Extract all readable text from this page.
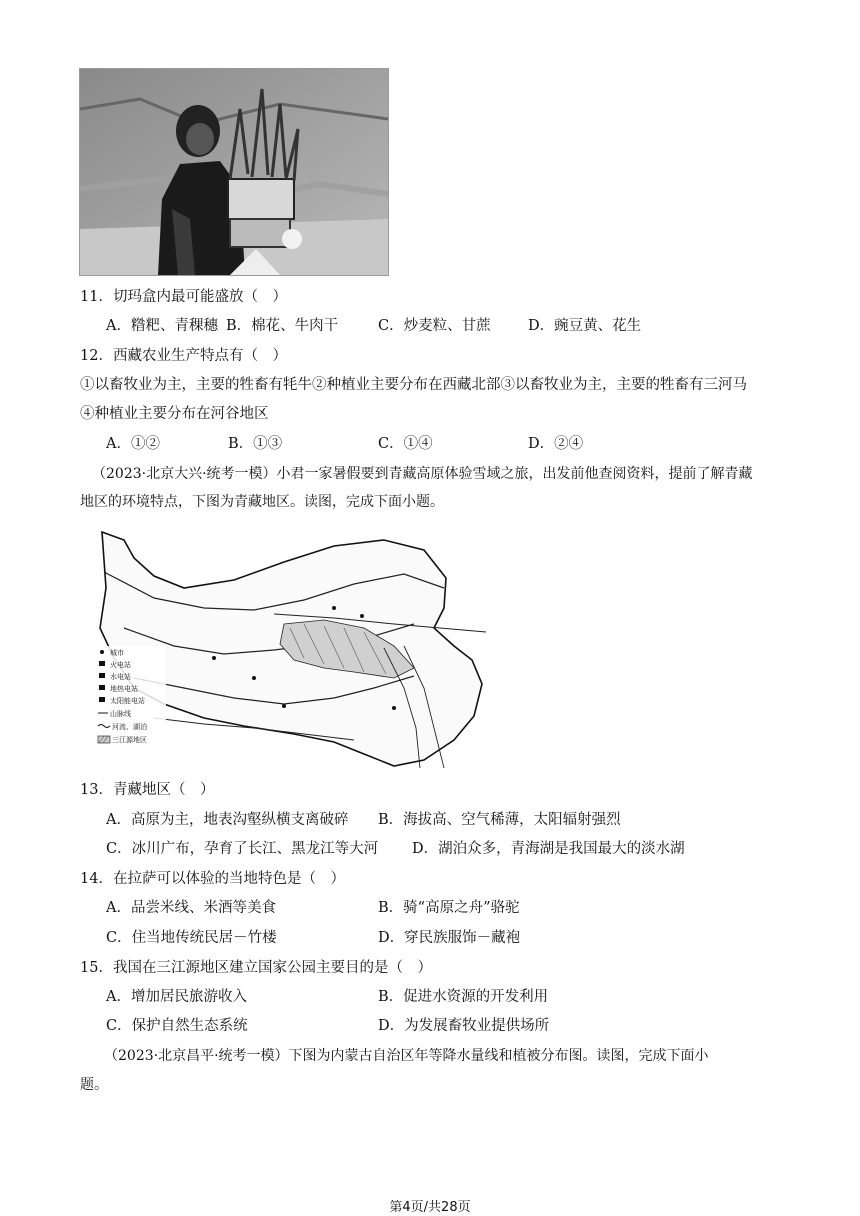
11．切玛盒内最可能盛放（　）
A．糌粑、青稞穗 B．棉花、牛肉干	C．炒麦粒、甘蔗	D．豌豆黄、花生
12．西藏农业生产特点有（　）
①以畜牧业为主，主要的牲畜有牦牛②种植业主要分布在西藏北部③以畜牧业为主，主要的牲畜有三河马
④种植业主要分布在河谷地区
A．①②	B．①③	C．①④	D．②④
（2023·北京大兴·统考一模）小君一家暑假要到青藏高原体验雪域之旅，出发前他查阅资料，提前了解青藏地区的环境特点，下图为青藏地区。读图，完成下面小题。
城市
火电站
水电站
地热电站
太阳能电站
山脉线
河流、湖泊
三江源地区
13．青藏地区（　）
A．高原为主，地表沟壑纵横支离破碎 B．海拔高、空气稀薄，太阳辐射强烈
C．冰川广布，孕育了长江、黑龙江等大河 D．湖泊众多，青海湖是我国最大的淡水湖
14．在拉萨可以体验的当地特色是（　）
A．品尝米线、米酒等美食	B．骑“高原之舟”骆驼
C．住当地传统民居－竹楼	D．穿民族服饰－藏袍
15．我国在三江源地区建立国家公园主要目的是（　）
A．增加居民旅游收入	B．促进水资源的开发利用
C．保护自然生态系统	D．为发展畜牧业提供场所
（2023·北京昌平·统考一模）下图为内蒙古自治区年等降水量线和植被分布图。读图，完成下面小
题。
第4页/共28页
